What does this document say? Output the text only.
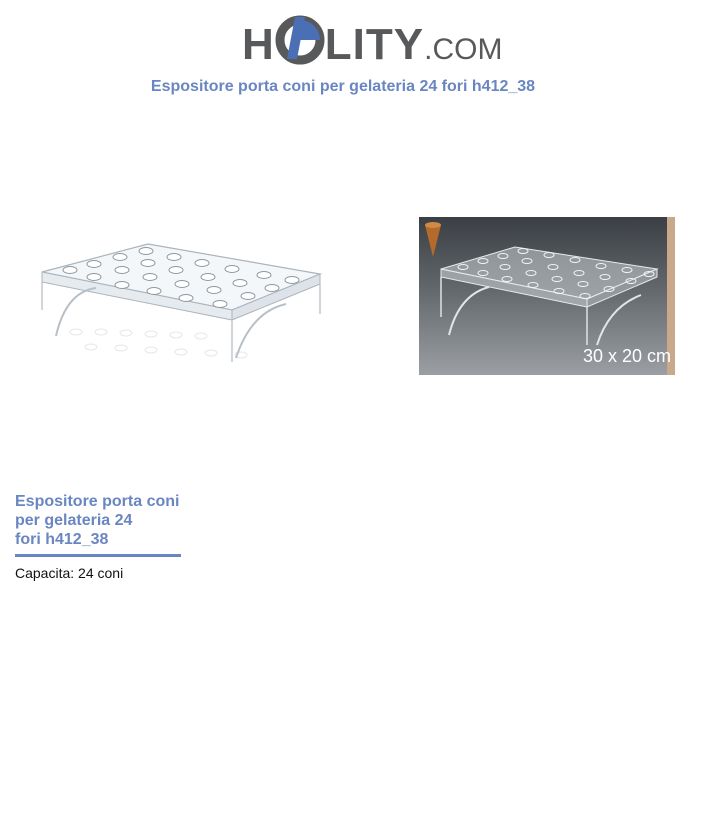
H LITY.COM
Espositore porta coni per gelateria 24 fori h412_38
30 x 20 cm
Espositore porta coni
per gelateria 24
fori h412_38
Capacita: 24 coni
